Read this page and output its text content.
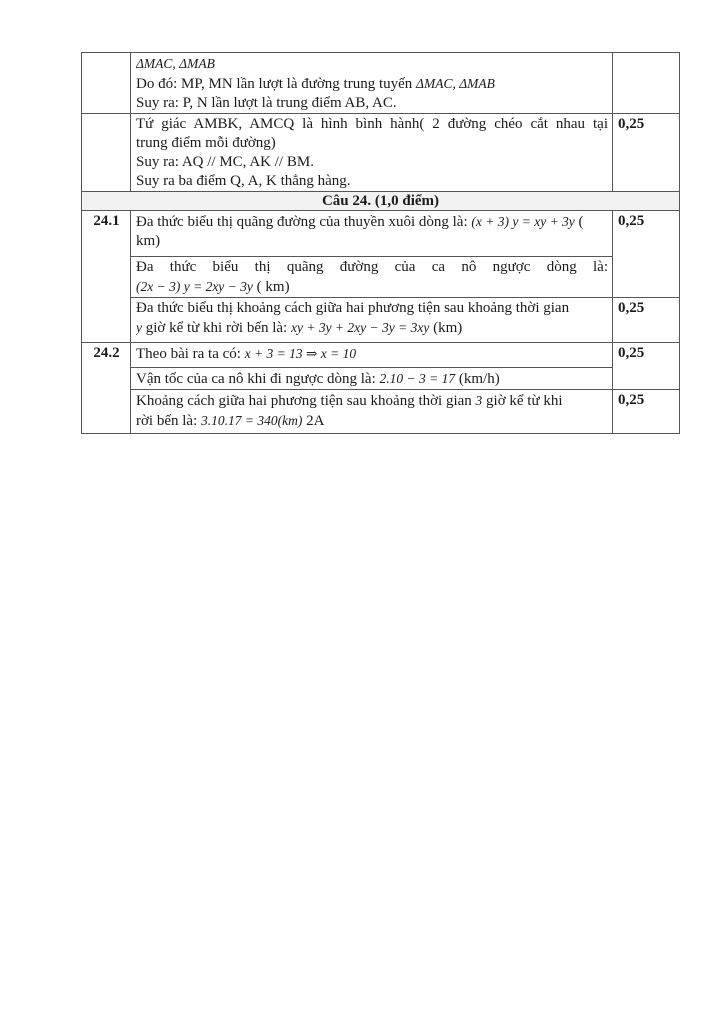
	ΔMAC, ΔMAB
Do đó: MP, MN lần lượt là đường trung tuyến ΔMAC, ΔMAB
Suy ra: P, N lần lượt là trung điểm AB, AC.	

	Tứ giác AMBK, AMCQ là hình bình hành( 2 đường chéo cắt nhau tại
trung điểm mỗi đường)
Suy ra: AQ // MC, AK // BM.
Suy ra ba điểm Q, A, K thẳng hàng.	0,25
Câu 24. (1,0 điểm)		
24.1	Đa thức biểu thị quãng đường của thuyền xuôi dòng là: (x + 3) y = xy + 3y (
km)	0,25

	Đa thức biểu thị quãng đường của ca nô ngược dòng là:
(2x − 3) y = 2xy − 3y ( km)	

	Đa thức biểu thị khoảng cách giữa hai phương tiện sau khoảng thời gian
y giờ kể từ khi rời bến là: xy + 3y + 2xy − 3y = 3xy (km)	0,25
24.2	Theo bài ra ta có: x + 3 = 13 ⇒ x = 10	0,25

	Vận tốc của ca nô khi đi ngược dòng là: 2.10 − 3 = 17 (km/h)	

	Khoảng cách giữa hai phương tiện sau khoảng thời gian 3 giờ kể từ khi
rời bến là: 3.10.17 = 340(km) 2A	0,25
